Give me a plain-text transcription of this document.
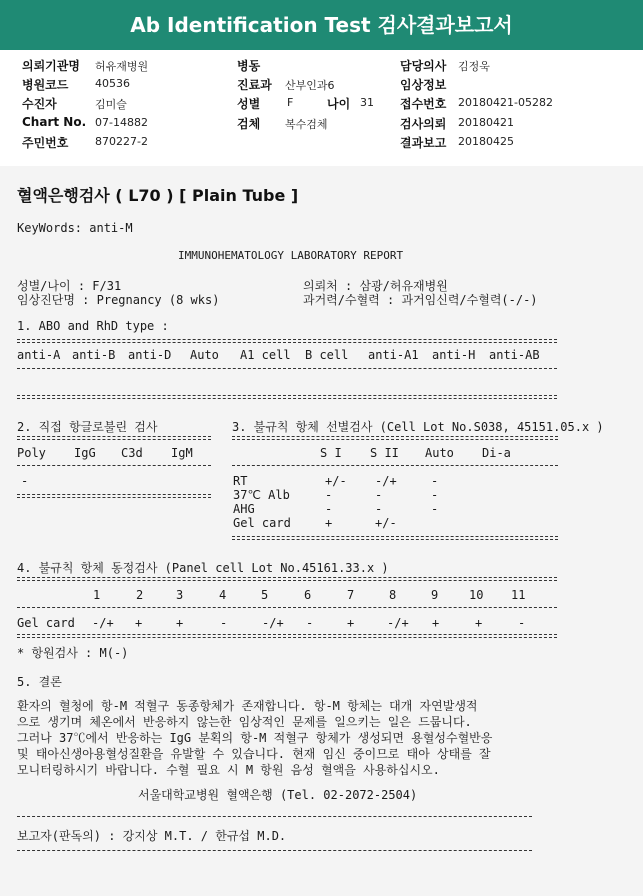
Ab Identification Test 검사결과보고서
의뢰기관명 허유재병원
병원코드 40536
수진자	김미슬
Chart No. 07-14882
주민번호 870227-2
병동
진료과 산부인과6
성별 F	나이 31
검체 복수검체
담당의사 김정욱
임상정보
접수번호 20180421-05282
검사의뢰 20180421
결과보고 20180425
혈액은행검사 ( L70 ) [ Plain Tube ]
KeyWords: anti-M
IMMUNOHEMATOLOGY LABORATORY REPORT
성별/나이 : F/31
임상진단명 : Pregnancy (8 wks)
의뢰처 : 삼광/허유재병원
과거력/수혈력 : 과거임신력/수혈력(-/-)
1. ABO and RhD type :
anti-A anti-B anti-D Auto A1 cell B cell anti-A1 anti-H anti-AB
2. 직접 항글로불린 검사
Poly IgG C3d IgM
-
3. 불규칙 항체 선별검사 (Cell Lot No.S038, 45151.05.x )
S I S II Auto Di-a
RT	+/- -/+	-
37℃ Alb	-	-	-
AHG	-	-	-
Gel card	+	+/-
4. 불규칙 항체 동정검사 (Panel cell Lot No.45161.33.x )
1	2	3	4	5	6	7	8	9	10 11
Gel card -/+ +	+	-	-/+ -	+	-/+ +	+	-
* 항원검사 : M(-)
5. 결론
환자의 혈청에 항-M 적혈구 동종항체가 존재합니다. 항-M 항체는 대개 자연발생적
으로 생기며 체온에서 반응하지 않는한 임상적인 문제를 일으키는 일은 드뭅니다.
그러나 37℃에서 반응하는 IgG 분획의 항-M 적혈구 항체가 생성되면 용혈성수혈반응
및 태아신생아용혈성질환을 유발할 수 있습니다. 현재 임신 중이므로 태아 상태를 잘
모니터링하시기 바랍니다. 수혈 필요 시 M 항원 음성 혈액을 사용하십시오.
서울대학교병원 혈액은행 (Tel. 02-2072-2504)
보고자(판독의) : 강지상 M.T. / 한규섭 M.D.
